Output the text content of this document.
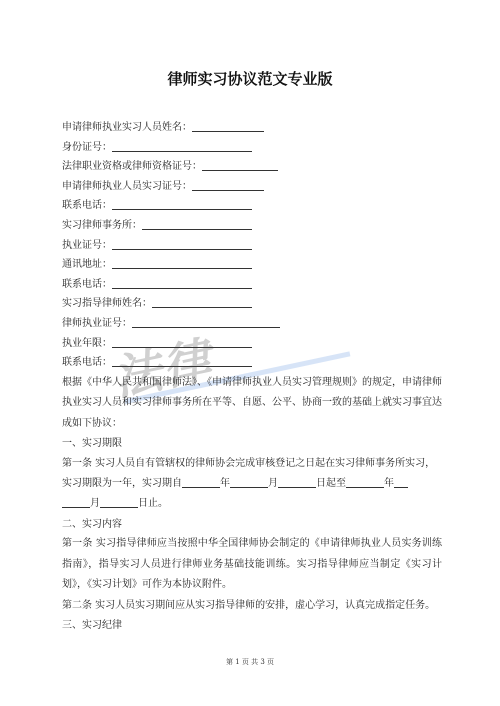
律师实习协议范文专业版
法律
申请律师执业实习人员姓名：
身份证号：
法律职业资格或律师资格证号：
申请律师执业人员实习证号：
联系电话：
实习律师事务所：
执业证号：
通讯地址：
联系电话：
实习指导律师姓名：
律师执业证号：
执业年限：
联系电话：
根据《中华人民共和国律师法》、《申请律师执业人员实习管理规则》的规定，申请律师执业实习人员和实习律师事务所在平等、自愿、公平、协商一致的基础上就实习事宜达成如下协议：
一、实习期限
第一条 实习人员自有管辖权的律师协会完成审核登记之日起在实习律师事务所实习，
实习期限为一年，实习期自	年	月	日起至	年
月	日止。
二、实习内容
第一条 实习指导律师应当按照中华全国律师协会制定的《申请律师执业人员实务训练指南》，指导实习人员进行律师业务基础技能训练。实习指导律师应当制定《实习计划》，《实习计划》可作为本协议附件。
第二条 实习人员实习期间应从实习指导律师的安排，虚心学习，认真完成指定任务。
三、实习纪律
第 1 页 共 3 页
